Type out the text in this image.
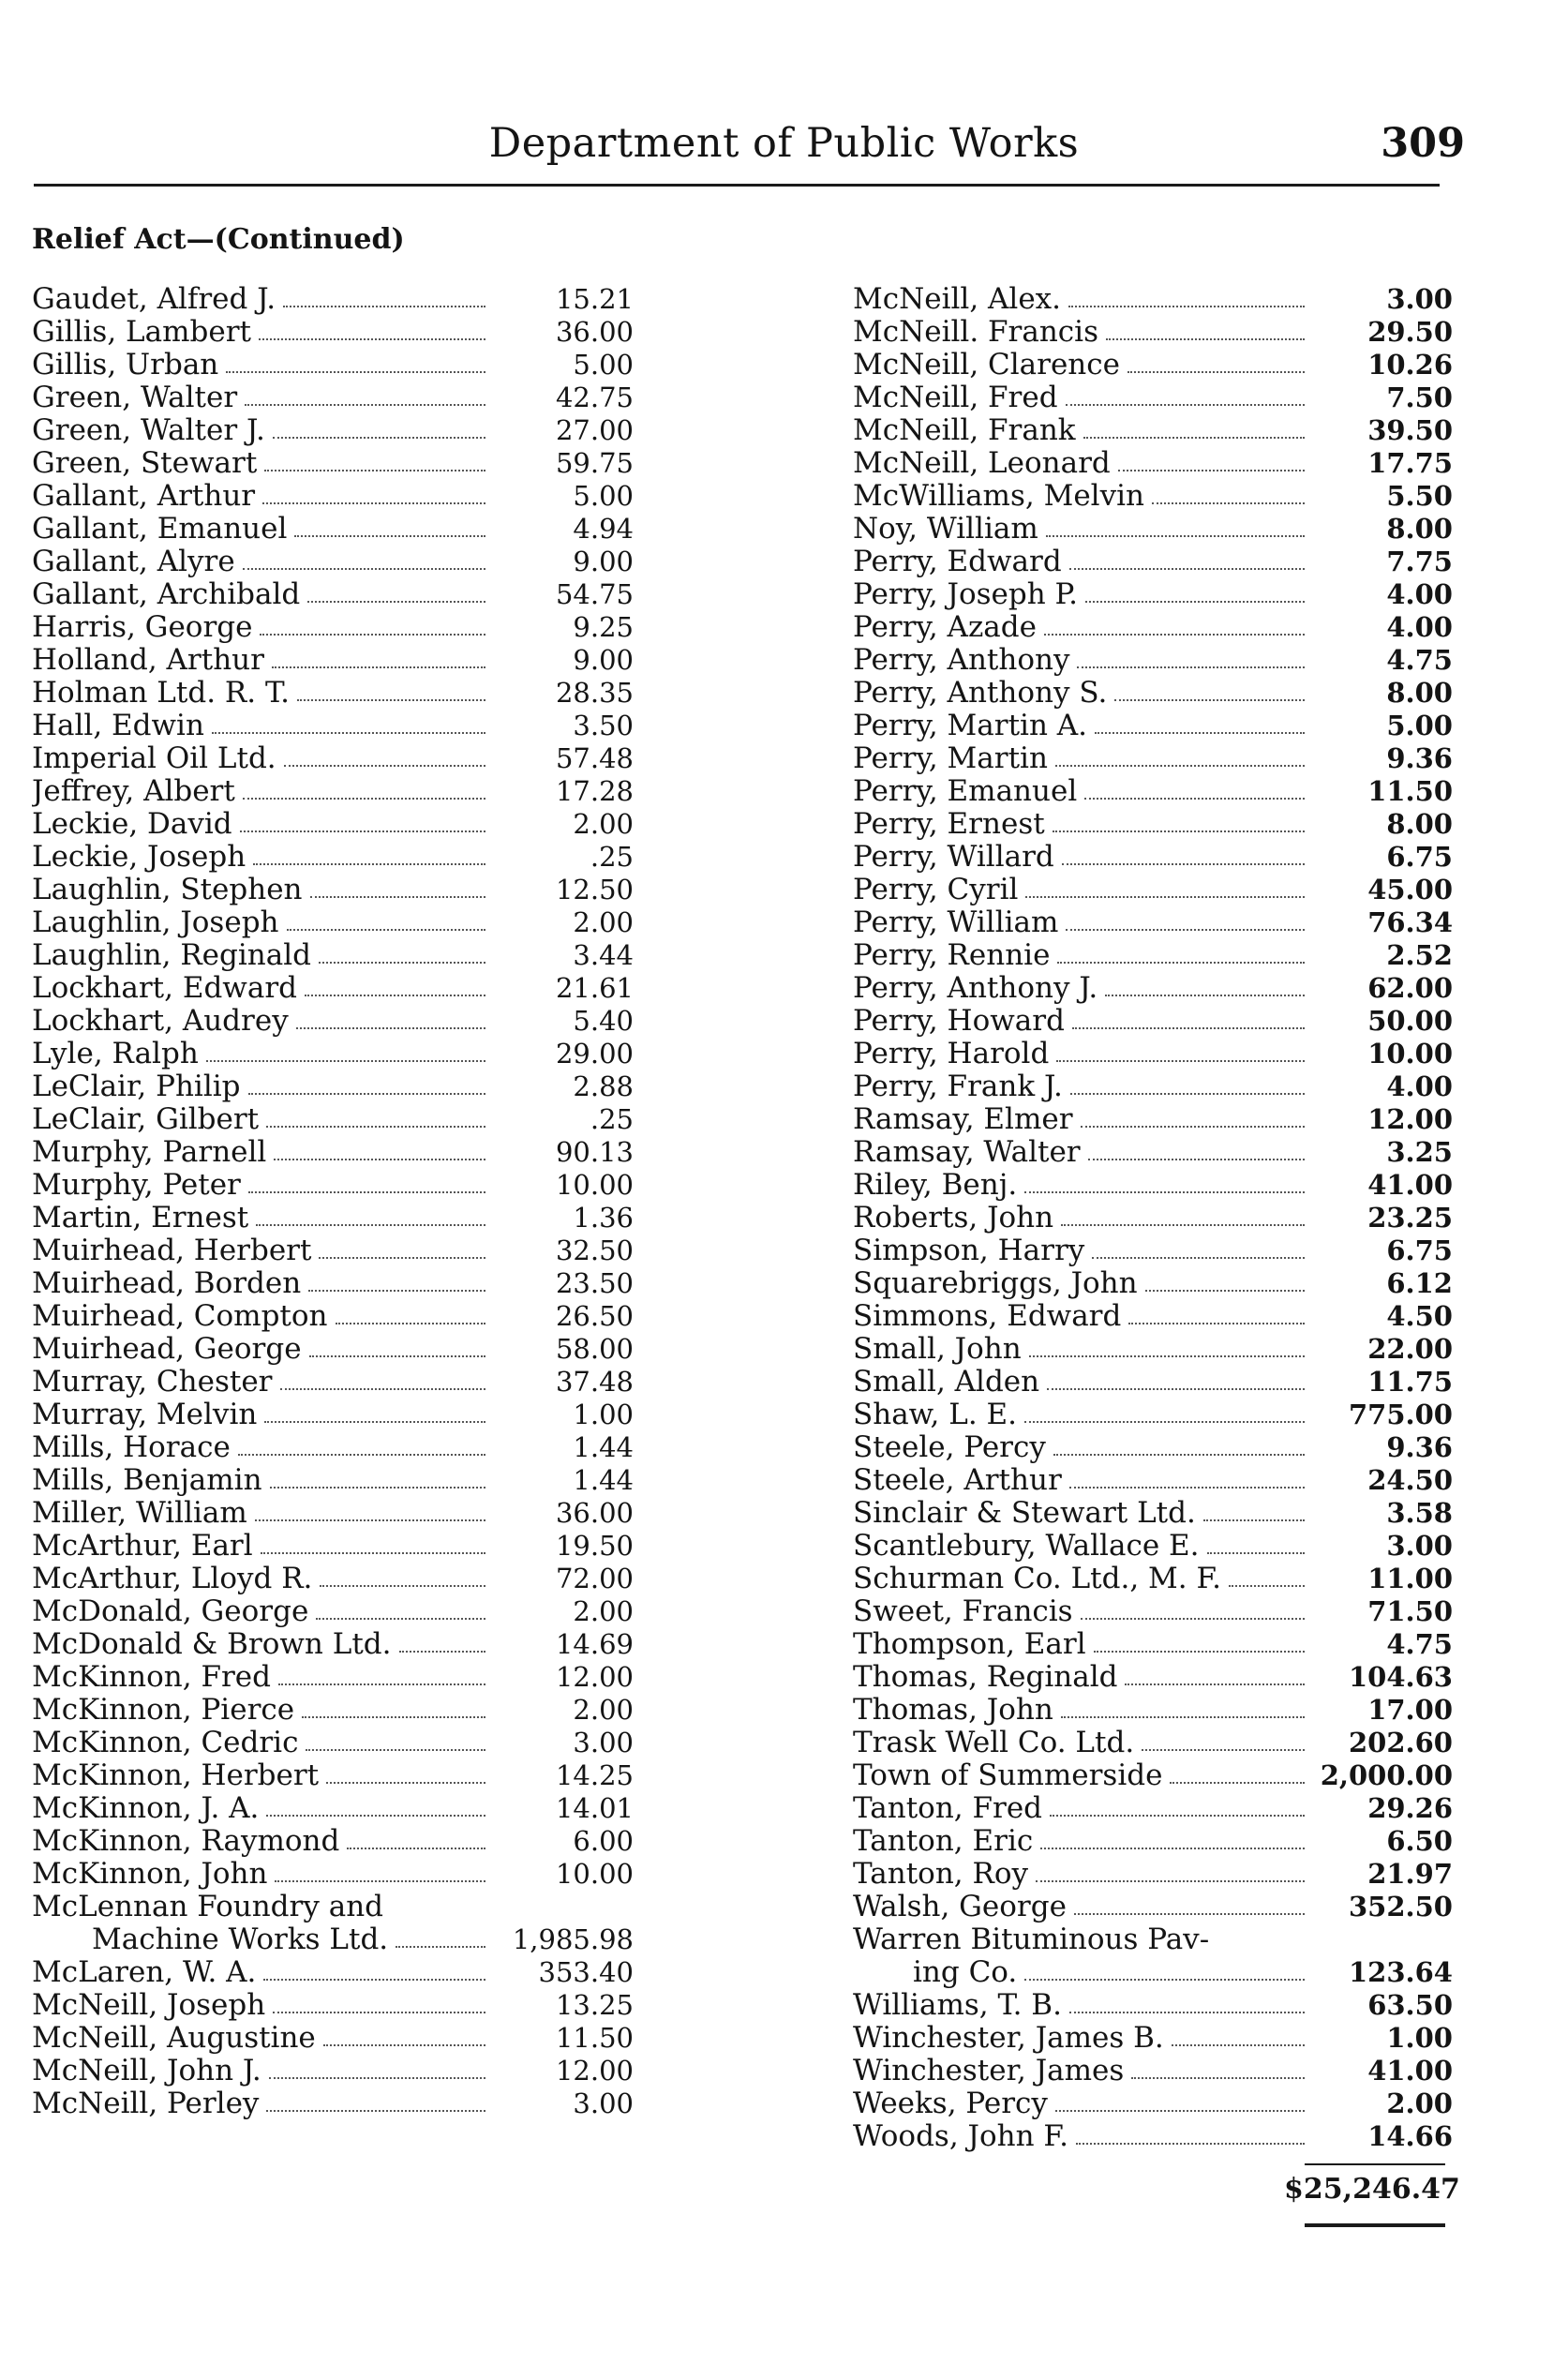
Department of Public Works	309
Relief Act—(Continued)
Gaudet, Alfred J.	15.21
Gillis, Lambert	36.00
Gillis, Urban	5.00
Green, Walter	42.75
Green, Walter J.	27.00
Green, Stewart	59.75
Gallant, Arthur	5.00
Gallant, Emanuel	4.94
Gallant, Alyre	9.00
Gallant, Archibald	54.75
Harris, George	9.25
Holland, Arthur	9.00
Holman Ltd. R. T.	28.35
Hall, Edwin	3.50
Imperial Oil Ltd.	57.48
Jeffrey, Albert	17.28
Leckie, David	2.00
Leckie, Joseph	.25
Laughlin, Stephen	12.50
Laughlin, Joseph	2.00
Laughlin, Reginald	3.44
Lockhart, Edward	21.61
Lockhart, Audrey	5.40
Lyle, Ralph	29.00
LeClair, Philip	2.88
LeClair, Gilbert	.25
Murphy, Parnell	90.13
Murphy, Peter	10.00
Martin, Ernest	1.36
Muirhead, Herbert	32.50
Muirhead, Borden	23.50
Muirhead, Compton	26.50
Muirhead, George	58.00
Murray, Chester	37.48
Murray, Melvin	1.00
Mills, Horace	1.44
Mills, Benjamin	1.44
Miller, William	36.00
McArthur, Earl	19.50
McArthur, Lloyd R.	72.00
McDonald, George	2.00
McDonald & Brown Ltd.	14.69
McKinnon, Fred	12.00
McKinnon, Pierce	2.00
McKinnon, Cedric	3.00
McKinnon, Herbert	14.25
McKinnon, J. A.	14.01
McKinnon, Raymond	6.00
McKinnon, John	10.00
McLennan Foundry and
Machine Works Ltd.	1,985.98
McLaren, W. A.	353.40
McNeill, Joseph	13.25
McNeill, Augustine	11.50
McNeill, John J.	12.00
McNeill, Perley	3.00
McNeill, Alex.	3.00
McNeill. Francis	29.50
McNeill, Clarence	10.26
McNeill, Fred	7.50
McNeill, Frank	39.50
McNeill, Leonard	17.75
McWilliams, Melvin	5.50
Noy, William	8.00
Perry, Edward	7.75
Perry, Joseph P.	4.00
Perry, Azade	4.00
Perry, Anthony	4.75
Perry, Anthony S.	8.00
Perry, Martin A.	5.00
Perry, Martin	9.36
Perry, Emanuel	11.50
Perry, Ernest	8.00
Perry, Willard	6.75
Perry, Cyril	45.00
Perry, William	76.34
Perry, Rennie	2.52
Perry, Anthony J.	62.00
Perry, Howard	50.00
Perry, Harold	10.00
Perry, Frank J.	4.00
Ramsay, Elmer	12.00
Ramsay, Walter	3.25
Riley, Benj.	41.00
Roberts, John	23.25
Simpson, Harry	6.75
Squarebriggs, John	6.12
Simmons, Edward	4.50
Small, John	22.00
Small, Alden	11.75
Shaw, L. E.	775.00
Steele, Percy	9.36
Steele, Arthur	24.50
Sinclair & Stewart Ltd.	3.58
Scantlebury, Wallace E.	3.00
Schurman Co. Ltd., M. F.	11.00
Sweet, Francis	71.50
Thompson, Earl	4.75
Thomas, Reginald	104.63
Thomas, John	17.00
Trask Well Co. Ltd.	202.60
Town of Summerside	2,000.00
Tanton, Fred	29.26
Tanton, Eric	6.50
Tanton, Roy	21.97
Walsh, George	352.50
Warren Bituminous Pav-
ing Co.	123.64
Williams, T. B.	63.50
Winchester, James B.	1.00
Winchester, James	41.00
Weeks, Percy	2.00
Woods, John F.	14.66
$25,246.47
